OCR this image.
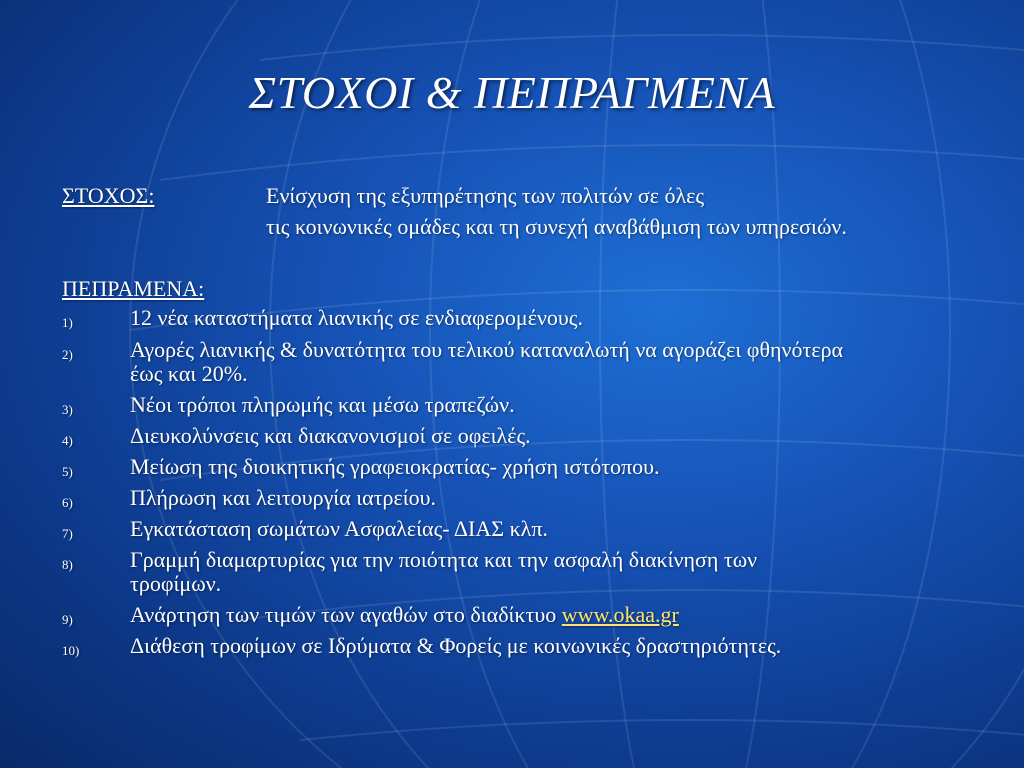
ΣΤΟΧΟΙ & ΠΕΠΡΑΓΜΕΝΑ
ΣΤΟΧΟΣ:	Ενίσχυση της εξυπηρέτησης των πολιτών σε όλες
τις κοινωνικές ομάδες και τη συνεχή αναβάθμιση των υπηρεσιών.
ΠΕΠΡΑΜΕΝΑ:
1)	12 νέα καταστήματα λιανικής σε ενδιαφερομένους.
2)	Αγορές λιανικής & δυνατότητα του τελικού καταναλωτή να αγοράζει φθηνότερα
έως και 20%.
3)	Νέοι τρόποι πληρωμής και μέσω τραπεζών.
4)	Διευκολύνσεις και διακανονισμοί σε οφειλές.
5)	Μείωση της διοικητικής γραφειοκρατίας- χρήση ιστότοπου.
6)	Πλήρωση και λειτουργία ιατρείου.
7)	Εγκατάσταση σωμάτων Ασφαλείας- ΔΙΑΣ κλπ.
8)	Γραμμή διαμαρτυρίας για την ποιότητα και την ασφαλή διακίνηση των
τροφίμων.
9)	Ανάρτηση των τιμών των αγαθών στο διαδίκτυο www.okaa.gr
10) Διάθεση τροφίμων σε Ιδρύματα & Φορείς με κοινωνικές δραστηριότητες.
